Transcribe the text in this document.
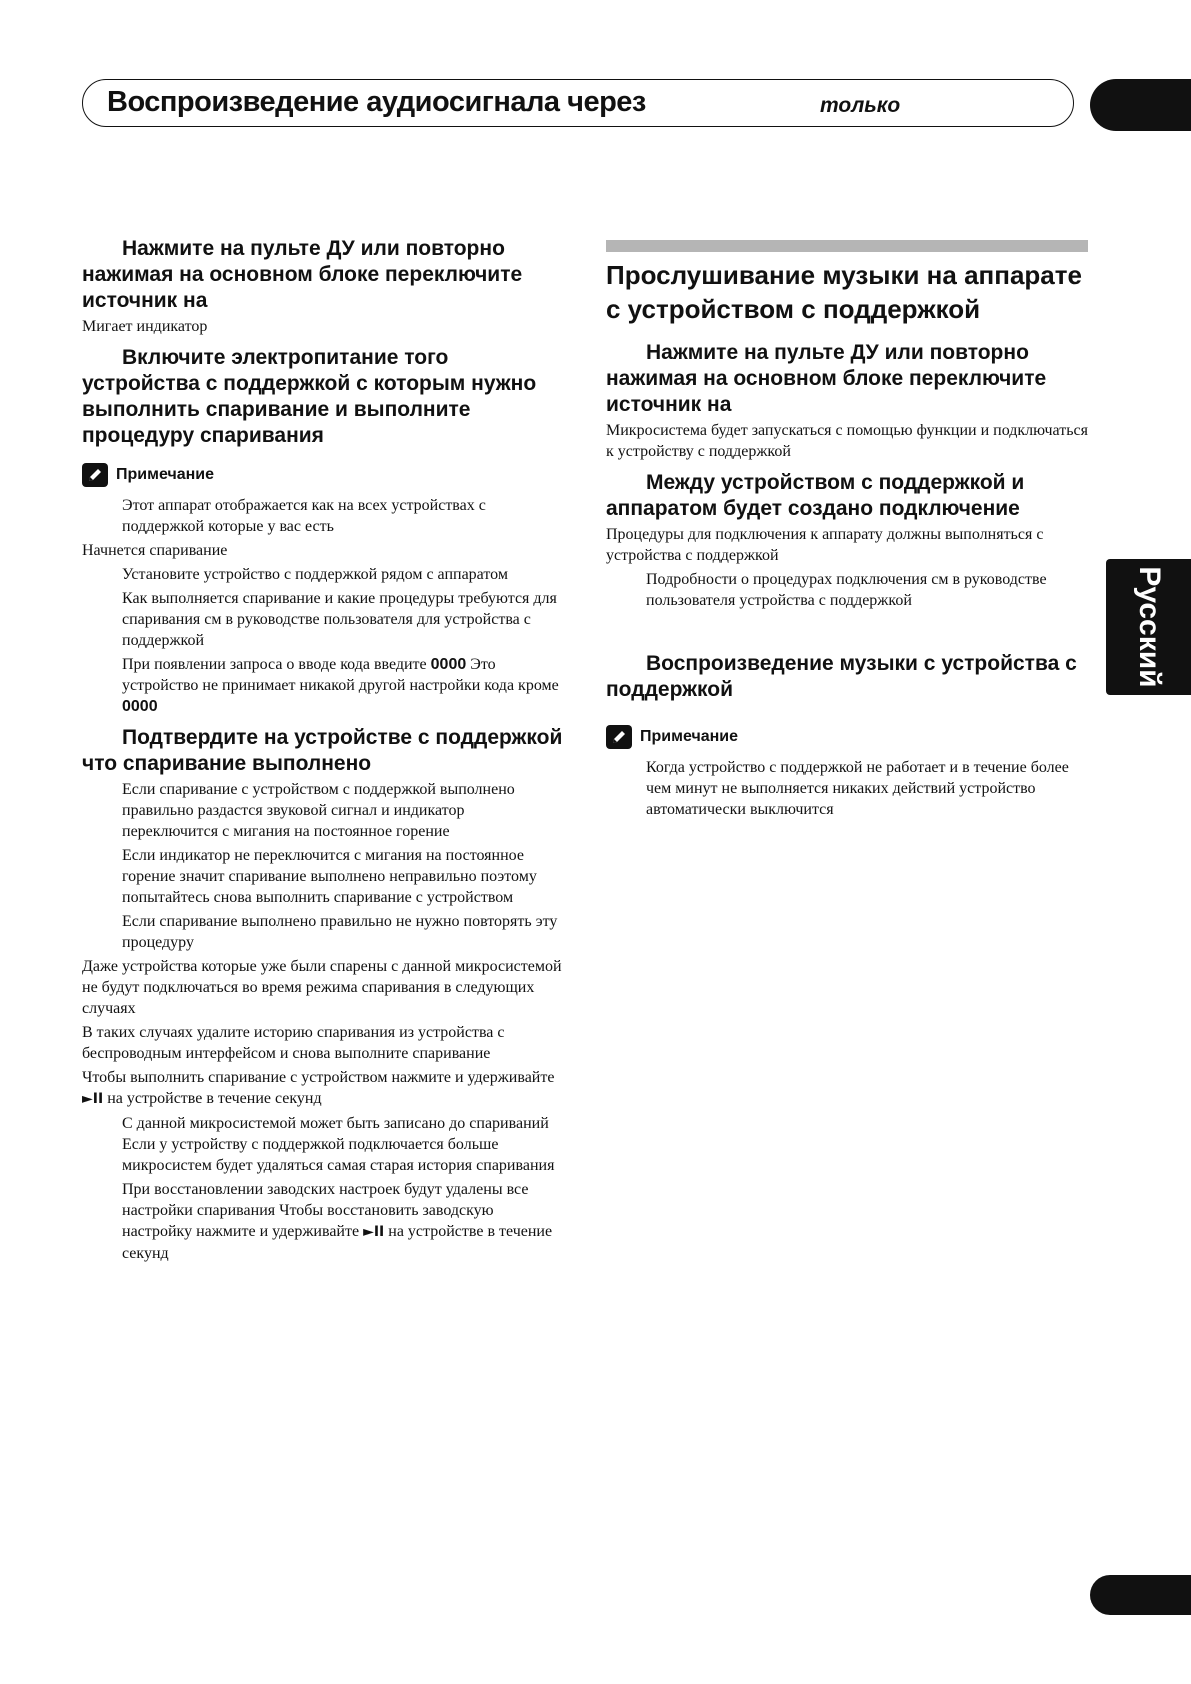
Воспроизведение аудиосигнала через	только
Русский

Нажмите на пульте ДУ или повторно нажимая на основном блоке переключите источник на

Мигает индикатор

Включите электропитание того устройства с поддержкой с которым нужно выполнить спаривание и выполните процедуру спаривания

Примечание

Этот аппарат отображается как на всех устройствах с поддержкой которые у вас есть

Начнется спаривание

Установите устройство с поддержкой рядом с аппаратом

Как выполняется спаривание и какие процедуры требуются для спаривания см в руководстве пользователя для устройства с поддержкой

При появлении запроса о вводе кода введите 0000 Это устройство не принимает никакой другой настройки кода кроме 0000

Подтвердите на устройстве с поддержкой что спаривание выполнено

Если спаривание с устройством с поддержкой выполнено правильно раздастся звуковой сигнал и индикатор переключится с мигания на постоянное горение

Если индикатор не переключится с мигания на постоянное горение значит спаривание выполнено неправильно поэтому попытайтесь снова выполнить спаривание с устройством

Если спаривание выполнено правильно не нужно повторять эту процедуру

Даже устройства которые уже были спарены с данной микросистемой не будут подключаться во время режима спаривания в следующих случаях

В таких случаях удалите историю спаривания из устройства с беспроводным интерфейсом и снова выполните спаривание

Чтобы выполнить спаривание с устройством нажмите и удерживайте ►II на устройстве в течение секунд

С данной микросистемой может быть записано до спариваний Если у устройству с поддержкой подключается больше микросистем будет удаляться самая старая история спаривания

При восстановлении заводских настроек будут удалены все настройки спаривания Чтобы восстановить заводскую настройку нажмите и удерживайте ►II на устройстве в течение секунд

Прослушивание музыки на аппарате с устройством с поддержкой

Нажмите на пульте ДУ или повторно нажимая на основном блоке переключите источник на

Микросистема будет запускаться с помощью функции и подключаться к устройству с поддержкой

Между устройством с поддержкой и аппаратом будет создано подключение

Процедуры для подключения к аппарату должны выполняться с устройства с поддержкой

Подробности о процедурах подключения см в руководстве пользователя устройства с поддержкой

Воспроизведение музыки с устройства с поддержкой

Примечание

Когда устройство с поддержкой не работает и в течение более чем минут не выполняется никаких действий устройство автоматически выключится
